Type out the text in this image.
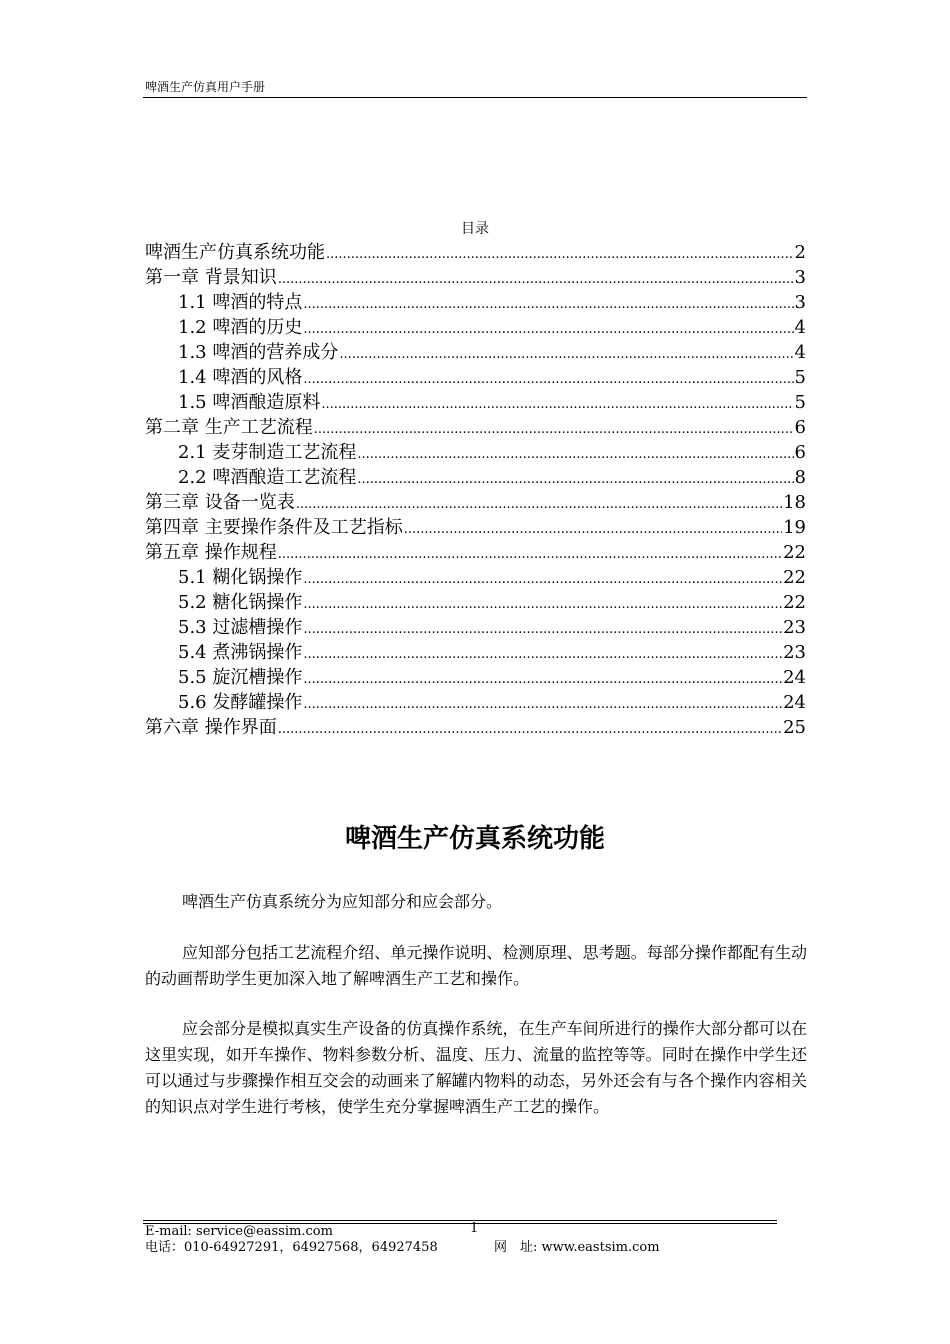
啤酒生产仿真用户手册
目录
啤酒生产仿真系统功能 .....	2
第一章 背景知识 .....	3
1.1 啤酒的特点 .....	3
1.2 啤酒的历史 .....	4
1.3 啤酒的营养成分 .....	4
1.4 啤酒的风格 .....	5
1.5 啤酒酿造原料 .....	5
第二章 生产工艺流程 .....	6
2.1 麦芽制造工艺流程 .....	6
2.2 啤酒酿造工艺流程 .....	8
第三章 设备一览表 .....	18
第四章 主要操作条件及工艺指标 .....	19
第五章 操作规程 .....	22
5.1 糊化锅操作 .....	22
5.2 糖化锅操作 .....	22
5.3 过滤槽操作 .....	23
5.4 煮沸锅操作 .....	23
5.5 旋沉槽操作 .....	24
5.6 发酵罐操作 .....	24
第六章 操作界面 .....	25
啤酒生产仿真系统功能
啤酒生产仿真系统分为应知部分和应会部分。
应知部分包括工艺流程介绍、单元操作说明、检测原理、思考题。每部分操作都配有生动的动画帮助学生更加深入地了解啤酒生产工艺和操作。
应会部分是模拟真实生产设备的仿真操作系统，在生产车间所进行的操作大部分都可以在这里实现，如开车操作、物料参数分析、温度、压力、流量的监控等等。同时在操作中学生还可以通过与步骤操作相互交会的动画来了解罐内物料的动态，另外还会有与各个操作内容相关的知识点对学生进行考核，使学生充分掌握啤酒生产工艺的操作。
E-mail: service@eassim.com	1
电话：010-64927291，64927568，64927458	网　址: www.eastsim.com
